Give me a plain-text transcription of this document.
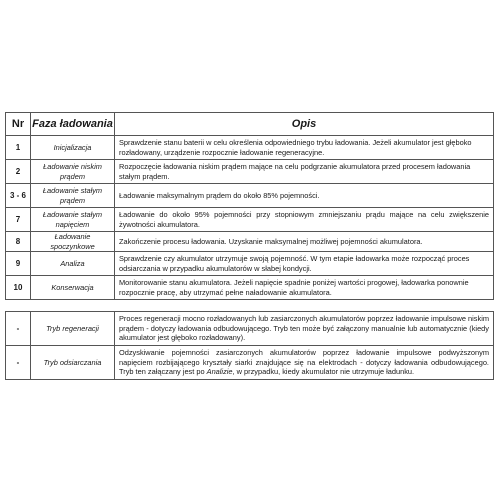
Nr	Faza ładowania	Opis
1	Inicjalizacja	Sprawdzenie stanu baterii w celu określenia odpowiedniego trybu ładowania. Jeżeli akumulator jest głęboko rozładowany, urządzenie rozpocznie ładowanie regeneracyjne.
2	Ładowanie niskim prądem	Rozpoczęcie ładowania niskim prądem mające na celu podgrzanie akumulatora przed procesem ładowania stałym prądem.
3 - 6	Ładowanie stałym prądem	Ładowanie maksymalnym prądem do około 85% pojemności.
7	Ładowanie stałym napięciem	Ładowanie do około 95% pojemności przy stopniowym zmniejszaniu prądu mające na celu zwiększenie żywotności akumulatora.
8	Ładowanie spoczynkowe	Zakończenie procesu ładowania. Uzyskanie maksymalnej możliwej pojemności akumulatora.
9	Analiza	Sprawdzenie czy akumulator utrzymuje swoją pojemność. W tym etapie ładowarka może rozpocząć proces odsiarczania w przypadku akumulatorów w słabej kondycji.
10	Konserwacja	Monitorowanie stanu akumulatora. Jeżeli napięcie spadnie poniżej wartości progowej, ładowarka ponownie rozpocznie pracę, aby utrzymać pełne naładowanie akumulatora.
-	Tryb regeneracji	Proces regeneracji mocno rozładowanych lub zasiarczonych akumulatorów poprzez ładowanie impulsowe niskim prądem - dotyczy ładowania odbudowującego. Tryb ten może być załączony manualnie lub automatycznie (kiedy akumulator jest głęboko rozładowany).
-	Tryb odsiarczania	Odzyskiwanie pojemności zasiarczonych akumulatorów poprzez ładowanie impulsowe podwyższonym napięciem rozbijającego kryształy siarki znajdujące się na elektrodach - dotyczy ładowania odbudowującego. Tryb ten załączany jest po Analizie, w przypadku, kiedy akumulator nie utrzymuje ładunku.
